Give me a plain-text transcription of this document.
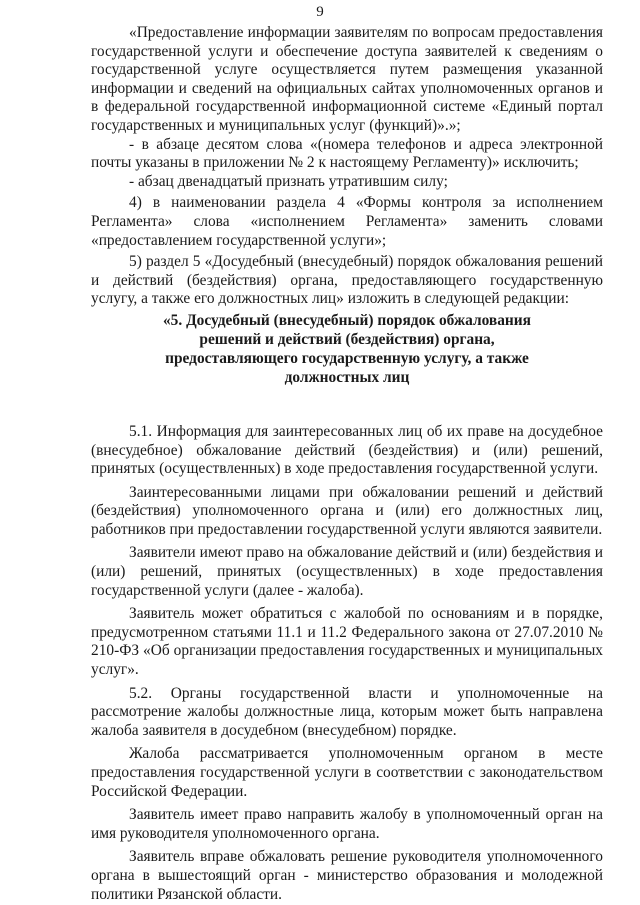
9

«Предоставление информации заявителям по вопросам предоставления государственной услуги и обеспечение доступа заявителей к сведениям о государственной услуге осуществляется путем размещения указанной информации и сведений на официальных сайтах уполномоченных органов и в федеральной государственной информационной системе «Единый портал государственных и муниципальных услуг (функций)».»;

- в абзаце десятом слова «(номера телефонов и адреса электронной почты указаны в приложении № 2 к настоящему Регламенту)» исключить;

- абзац двенадцатый признать утратившим силу;

4) в наименовании раздела 4 «Формы контроля за исполнением Регламента» слова «исполнением Регламента» заменить словами «предоставлением государственной услуги»;

5) раздел 5 «Досудебный (внесудебный) порядок обжалования решений и действий (бездействия) органа, предоставляющего государственную услугу, а также его должностных лиц» изложить в следующей редакции:

«5. Досудебный (внесудебный) порядок обжалования
решений и действий (бездействия) органа,
предоставляющего государственную услугу, а также
должностных лиц

5.1. Информация для заинтересованных лиц об их праве на досудебное (внесудебное) обжалование действий (бездействия) и (или) решений, принятых (осуществленных) в ходе предоставления государственной услуги.

Заинтересованными лицами при обжаловании решений и действий (бездействия) уполномоченного органа и (или) его должностных лиц, работников при предоставлении государственной услуги являются заявители.

Заявители имеют право на обжалование действий и (или) бездействия и (или) решений, принятых (осуществленных) в ходе предоставления государственной услуги (далее - жалоба).

Заявитель может обратиться с жалобой по основаниям и в порядке, предусмотренном статьями 11.1 и 11.2 Федерального закона от 27.07.2010 № 210-ФЗ «Об организации предоставления государственных и муниципальных услуг».

5.2. Органы государственной власти и уполномоченные на рассмотрение жалобы должностные лица, которым может быть направлена жалоба заявителя в досудебном (внесудебном) порядке.

Жалоба рассматривается уполномоченным органом в месте предоставления государственной услуги в соответствии с законодательством Российской Федерации.

Заявитель имеет право направить жалобу в уполномоченный орган на имя руководителя уполномоченного органа.

Заявитель вправе обжаловать решение руководителя уполномоченного органа в вышестоящий орган - министерство образования и молодежной политики Рязанской области.
